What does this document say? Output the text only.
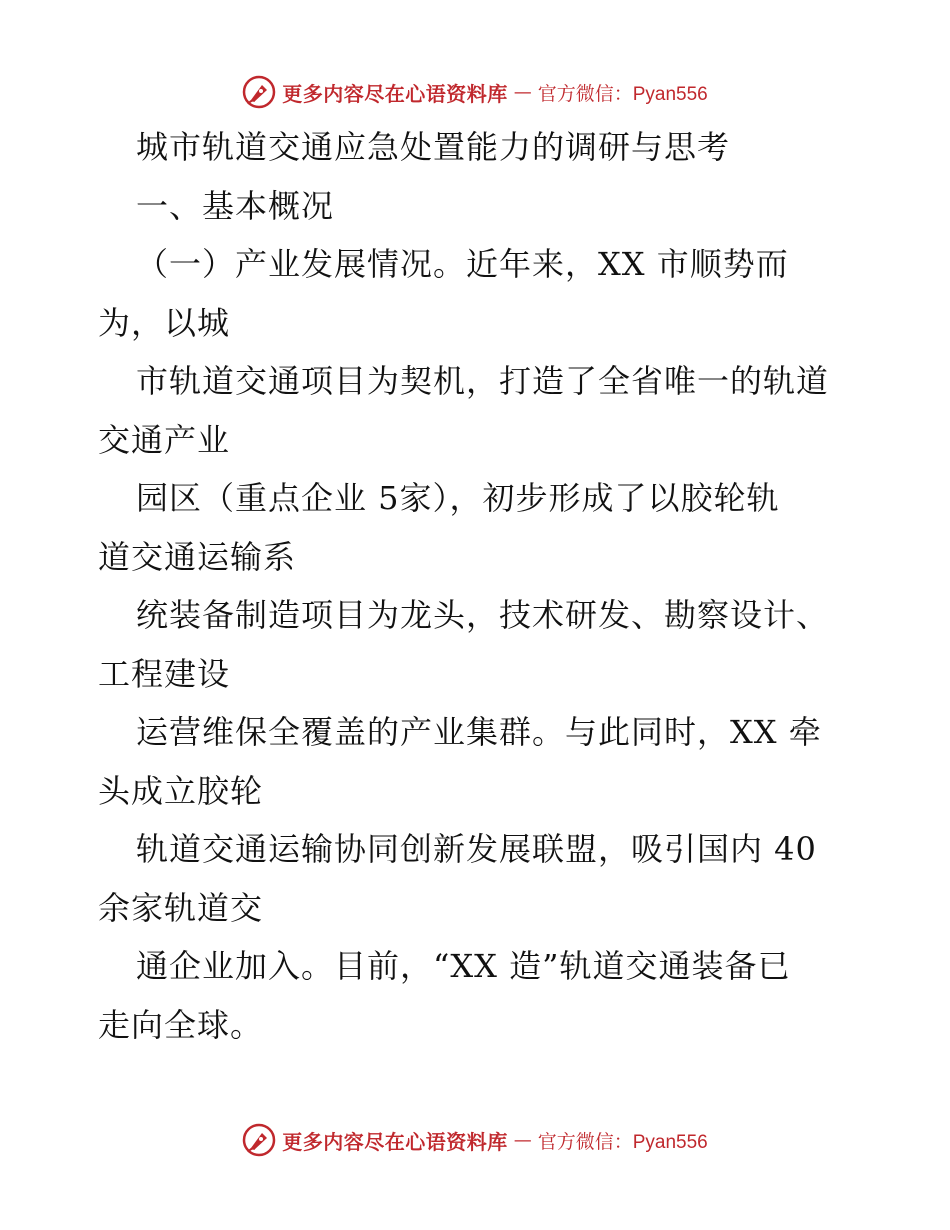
更多内容尽在心语资料库 — 官方微信：Pyan556
城市轨道交通应急处置能力的调研与思考
一、基本概况
（一）产业发展情况。近年来，XX 市顺势而
为，以城
市轨道交通项目为契机，打造了全省唯一的轨道
交通产业
园区（重点企业 5家），初步形成了以胶轮轨
道交通运输系
统装备制造项目为龙头，技术研发、勘察设计、
工程建设
运营维保全覆盖的产业集群。与此同时，XX 牵
头成立胶轮
轨道交通运输协同创新发展联盟，吸引国内 40
余家轨道交
通企业加入。目前，“XX 造”轨道交通装备已
走向全球。
更多内容尽在心语资料库 — 官方微信：Pyan556
